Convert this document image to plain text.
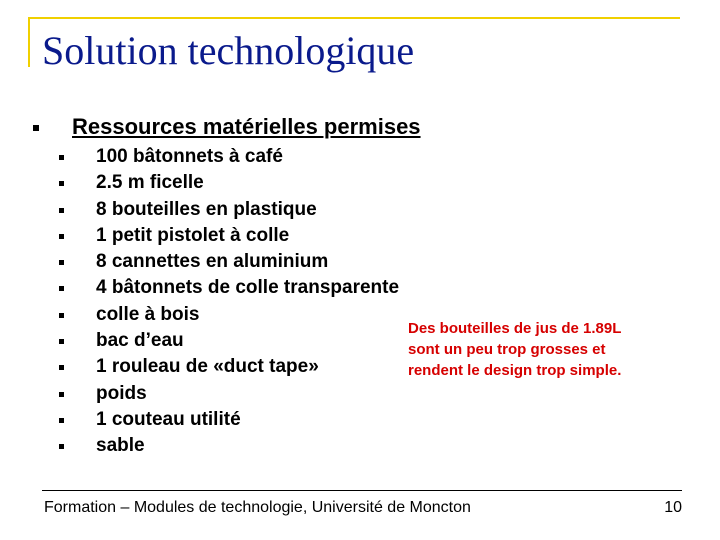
Solution technologique
Ressources matérielles permises
100 bâtonnets à café
2.5 m ficelle
8 bouteilles en plastique
1 petit pistolet à colle
8 cannettes en aluminium
4 bâtonnets de colle transparente
colle à bois
bac d’eau
1 rouleau de «duct tape»
poids
1 couteau utilité
sable
Des bouteilles de jus de 1.89L
sont un peu trop grosses et
rendent le design trop simple.
Formation – Modules de technologie, Université de Moncton	10
